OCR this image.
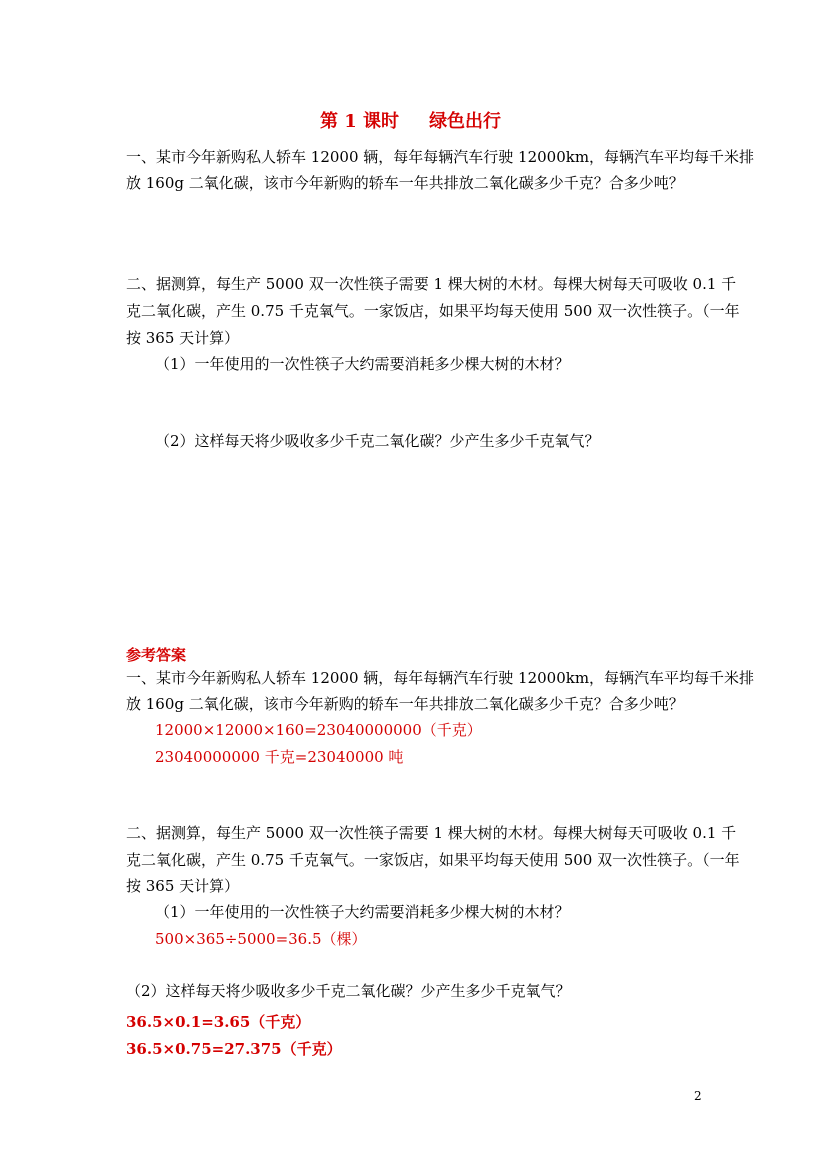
第 1 课时 绿色出行
一、某市今年新购私人轿车 12000 辆，每年每辆汽车行驶 12000km，每辆汽车平均每千米排
放 160g 二氧化碳，该市今年新购的轿车一年共排放二氧化碳多少千克？合多少吨？
二、据测算，每生产 5000 双一次性筷子需要 1 棵大树的木材。每棵大树每天可吸收 0.1 千
克二氧化碳，产生 0.75 千克氧气。一家饭店，如果平均每天使用 500 双一次性筷子。（一年
按 365 天计算）
（1）一年使用的一次性筷子大约需要消耗多少棵大树的木材？
（2）这样每天将少吸收多少千克二氧化碳？少产生多少千克氧气？
参考答案
一、某市今年新购私人轿车 12000 辆，每年每辆汽车行驶 12000km，每辆汽车平均每千米排
放 160g 二氧化碳，该市今年新购的轿车一年共排放二氧化碳多少千克？合多少吨？
12000×12000×160=23040000000（千克）
23040000000 千克=23040000 吨
二、据测算，每生产 5000 双一次性筷子需要 1 棵大树的木材。每棵大树每天可吸收 0.1 千
克二氧化碳，产生 0.75 千克氧气。一家饭店，如果平均每天使用 500 双一次性筷子。（一年
按 365 天计算）
（1）一年使用的一次性筷子大约需要消耗多少棵大树的木材？
500×365÷5000=36.5（棵）
（2）这样每天将少吸收多少千克二氧化碳？少产生多少千克氧气？
36.5×0.1=3.65（千克）
36.5×0.75=27.375（千克）
2
